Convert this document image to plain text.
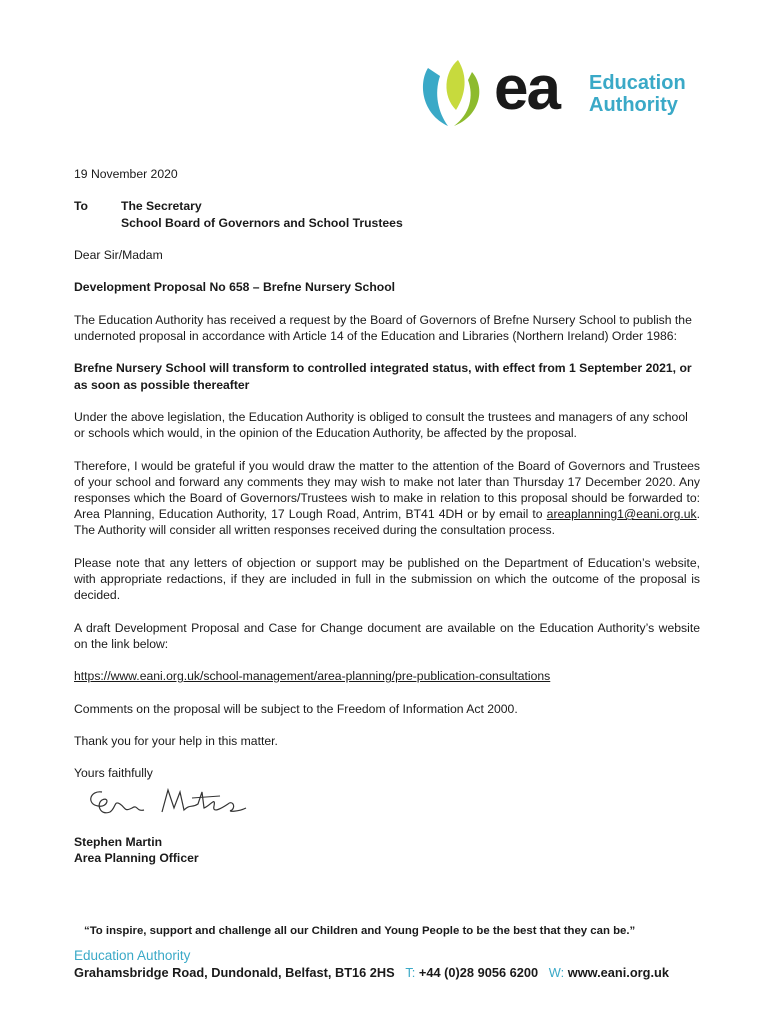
ea Education
Authority

19 November 2020

To	The Secretary
School Board of Governors and School Trustees

Dear Sir/Madam

Development Proposal No 658 – Brefne Nursery School

The Education Authority has received a request by the Board of Governors of Brefne Nursery School to publish the undernoted proposal in accordance with Article 14 of the Education and Libraries (Northern Ireland) Order 1986:

Brefne Nursery School will transform to controlled integrated status, with effect from 1 September 2021, or as soon as possible thereafter

Under the above legislation, the Education Authority is obliged to consult the trustees and managers of any school or schools which would, in the opinion of the Education Authority, be affected by the proposal.

Therefore, I would be grateful if you would draw the matter to the attention of the Board of Governors and Trustees of your school and forward any comments they may wish to make not later than Thursday 17 December 2020. Any responses which the Board of Governors/Trustees wish to make in relation to this proposal should be forwarded to: Area Planning, Education Authority, 17 Lough Road, Antrim, BT41 4DH or by email to areaplanning1@eani.org.uk. The Authority will consider all written responses received during the consultation process.

Please note that any letters of objection or support may be published on the Department of Education’s website, with appropriate redactions, if they are included in full in the submission on which the outcome of the proposal is decided.

A draft Development Proposal and Case for Change document are available on the Education Authority’s website on the link below:

https://www.eani.org.uk/school-management/area-planning/pre-publication-consultations

Comments on the proposal will be subject to the Freedom of Information Act 2000.

Thank you for your help in this matter.

Yours faithfully

Stephen Martin
Area Planning Officer
“To inspire, support and challenge all our Children and Young People to be the best that they can be.”
Education Authority
Grahamsbridge Road, Dundonald, Belfast, BT16 2HS T: +44 (0)28 9056 6200 W: www.eani.org.uk
